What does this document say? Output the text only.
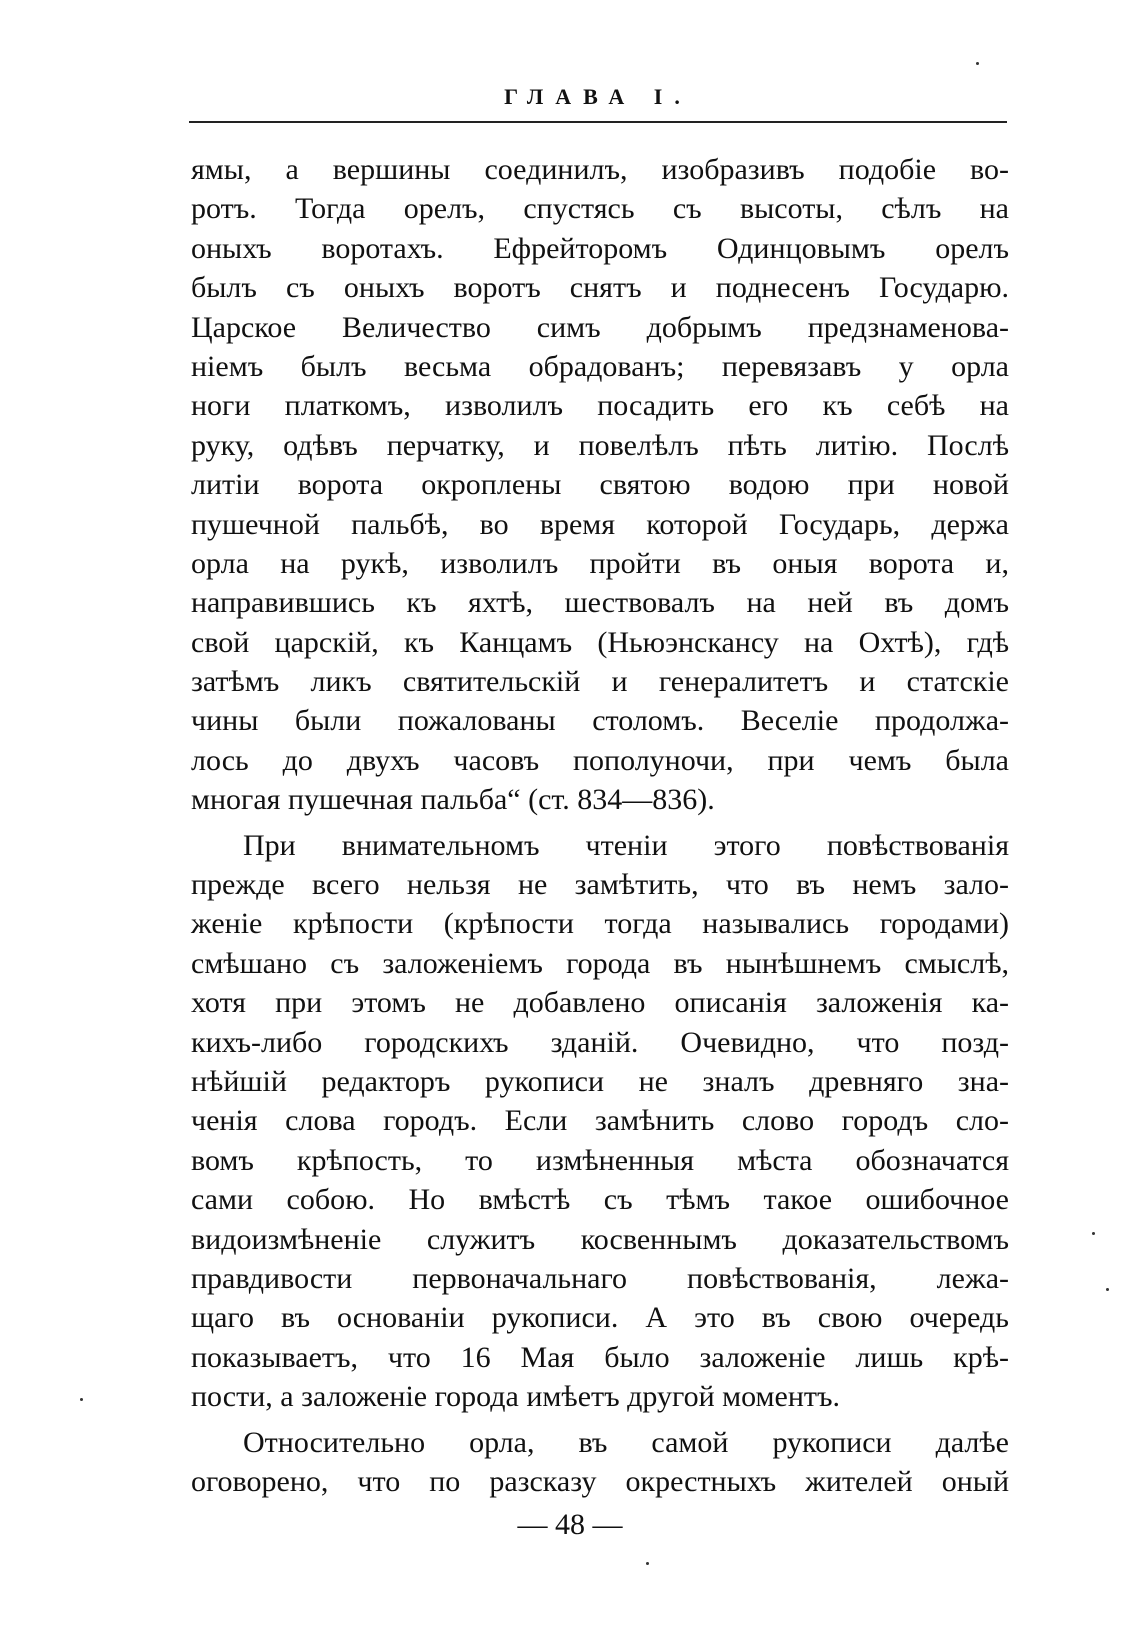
ГЛАВА І.
ямы, а вершины соединилъ, изобразивъ подобіе во-
ротъ. Тогда орелъ, спустясь съ высоты, сѣлъ на
оныхъ воротахъ. Ефрейторомъ Одинцовымъ орелъ
былъ съ оныхъ воротъ снятъ и поднесенъ Государю.
Царское Величество симъ добрымъ предзнаменова-
ніемъ былъ весьма обрадованъ; перевязавъ у орла
ноги платкомъ, изволилъ посадить его къ себѣ на
руку, одѣвъ перчатку, и повелѣлъ пѣть литію. Послѣ
литіи ворота окроплены святою водою при новой
пушечной пальбѣ, во время которой Государь, держа
орла на рукѣ, изволилъ пройти въ оныя ворота и,
направившись къ яхтѣ, шествовалъ на ней въ домъ
свой царскій, къ Канцамъ (Ньюэнскансу на Охтѣ), гдѣ
затѣмъ ликъ святительскій и генералитетъ и статскіе
чины были пожалованы столомъ. Веселіе продолжа-
лось до двухъ часовъ пополуночи, при чемъ была
многая пушечная пальба“ (ст. 834—836).
При внимательномъ чтеніи этого повѣствованія
прежде всего нельзя не замѣтить, что въ немъ зало-
женіе крѣпости (крѣпости тогда назывались городами)
смѣшано съ заложеніемъ города въ нынѣшнемъ смыслѣ,
хотя при этомъ не добавлено описанія заложенія ка-
кихъ-либо городскихъ зданій. Очевидно, что позд-
нѣйшій редакторъ рукописи не зналъ древняго зна-
ченія слова городъ. Если замѣнить слово городъ сло-
вомъ крѣпость, то измѣненныя мѣста обозначатся
сами собою. Но вмѣстѣ съ тѣмъ такое ошибочное
видоизмѣненіе служитъ косвеннымъ доказательствомъ
правдивости первоначальнаго повѣствованія, лежа-
щаго въ основаніи рукописи. А это въ свою очередь
показываетъ, что 16 Мая было заложеніе лишь крѣ-
пости, а заложеніе города имѣетъ другой моментъ.
Относительно орла, въ самой рукописи далѣе
оговорено, что по разсказу окрестныхъ жителей оный
— 48 —
